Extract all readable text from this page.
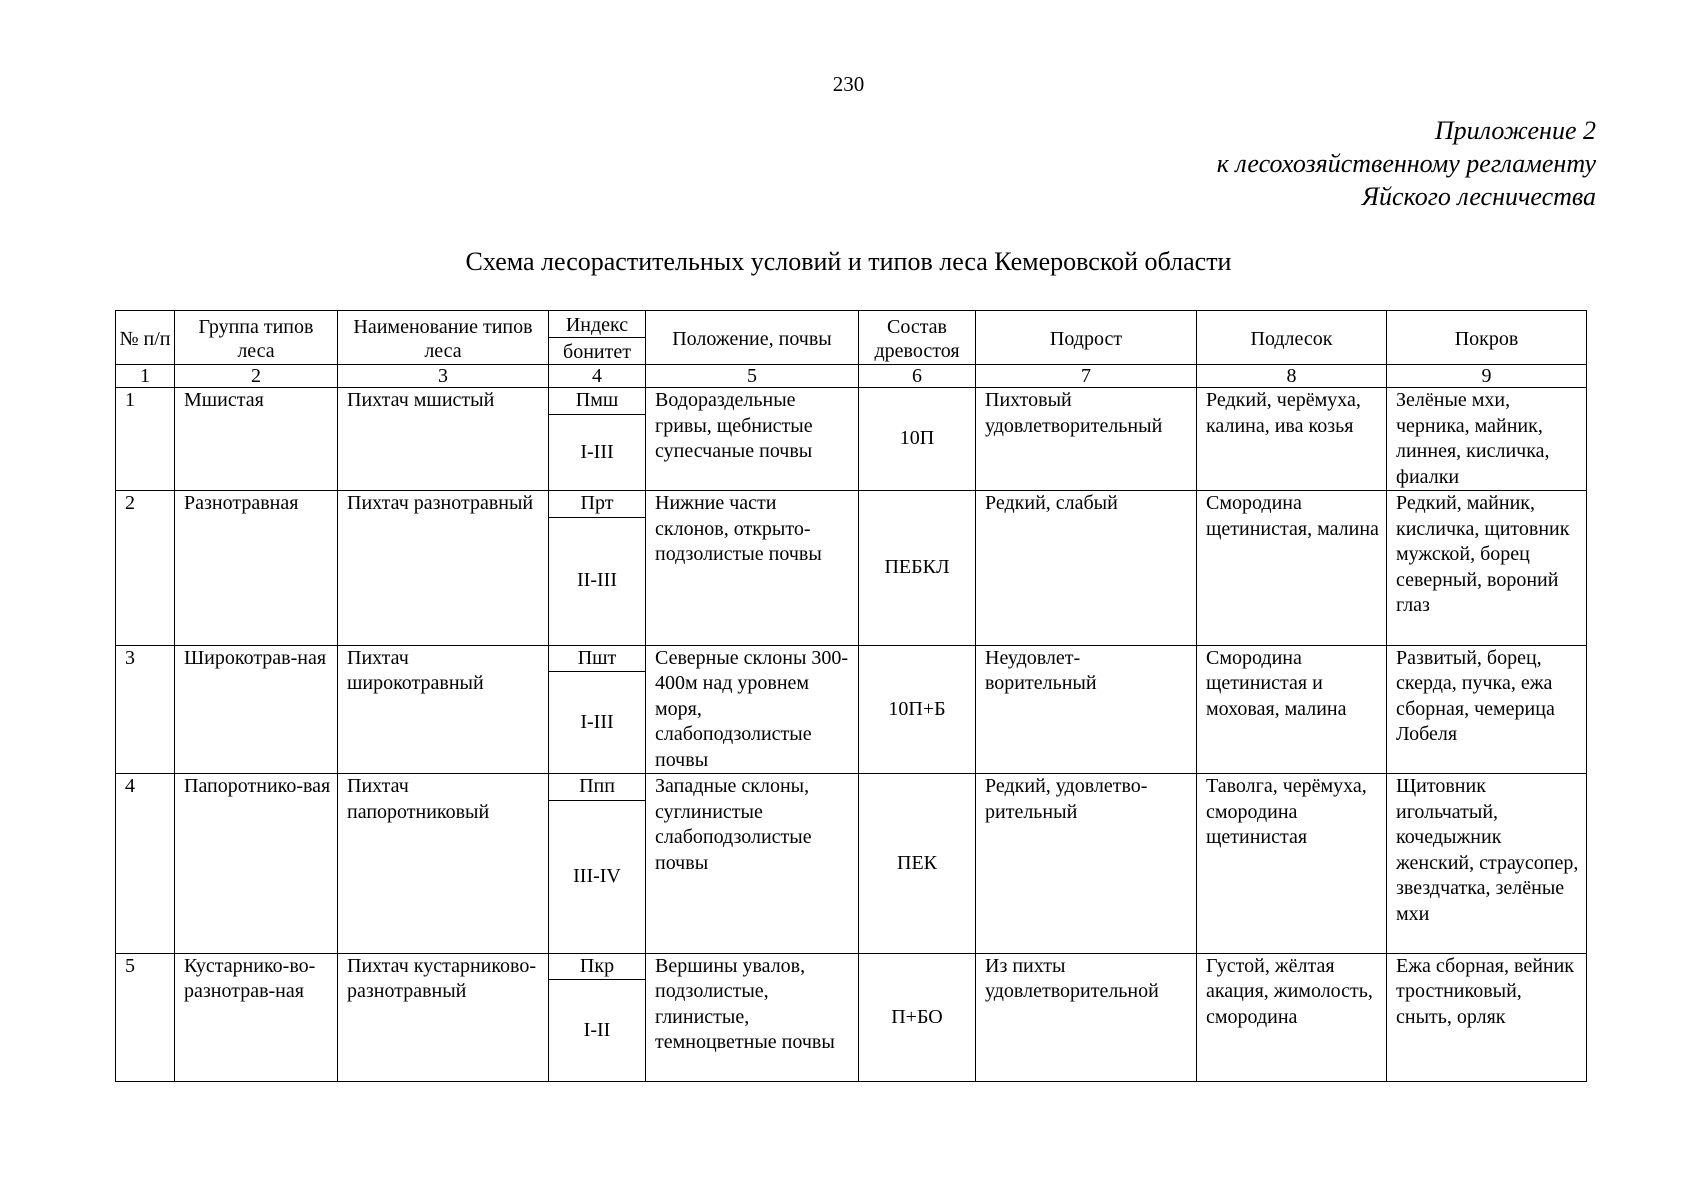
230
Приложение 2
к лесохозяйственному регламенту
Яйского лесничества
Схема лесорастительных условий и типов леса Кемеровской области
№ п/п	Группа типов леса	Наименование типов леса	Индекс	Положение, почвы	Состав древостоя	Подрост	Подлесок	Покров
			бонитет					
1	2	3	4	5	6	7	8	9
1	Мшистая	Пихтач мшистый	Пмш	Водораздельные гривы, щебнистые супесчаные почвы	10П	Пихтовый удовлетворительный	Редкий, черёмуха, калина, ива козья	Зелёные мхи, черника, майник, линнея, кисличка, фиалки
			I-III					
2	Разнотравная	Пихтач разнотравный	Прт	Нижние части склонов, открыто-подзолистые почвы	ПЕБКЛ	Редкий, слабый	Смородина щетинистая, малина	Редкий, майник, кисличка, щитовник мужской, борец северный, вороний глаз
			II-III					
3	Широкотрав-ная	Пихтач широкотравный	Пшт	Северные склоны 300-400м над уровнем моря, слабоподзолистые почвы	10П+Б	Неудовлет-ворительный	Смородина щетинистая и моховая, малина	Развитый, борец, скерда, пучка, ежа сборная, чемерица Лобеля
			I-III					
4	Папоротнико-вая	Пихтач папоротниковый	Ппп	Западные склоны, суглинистые слабоподзолистые почвы	ПЕК	Редкий, удовлетво-рительный	Таволга, черёмуха, смородина щетинистая	Щитовник игольчатый, кочедыжник женский, страусопер, звездчатка, зелёные мхи
			III-IV					
5	Кустарнико-во-разнотрав-ная	Пихтач кустарниково-разнотравный	Пкр	Вершины увалов, подзолистые, глинистые, темноцветные почвы	П+БО	Из пихты удовлетворительной	Густой, жёлтая акация, жимолость, смородина	Ежа сборная, вейник тростниковый, сныть, орляк
			I-II					
